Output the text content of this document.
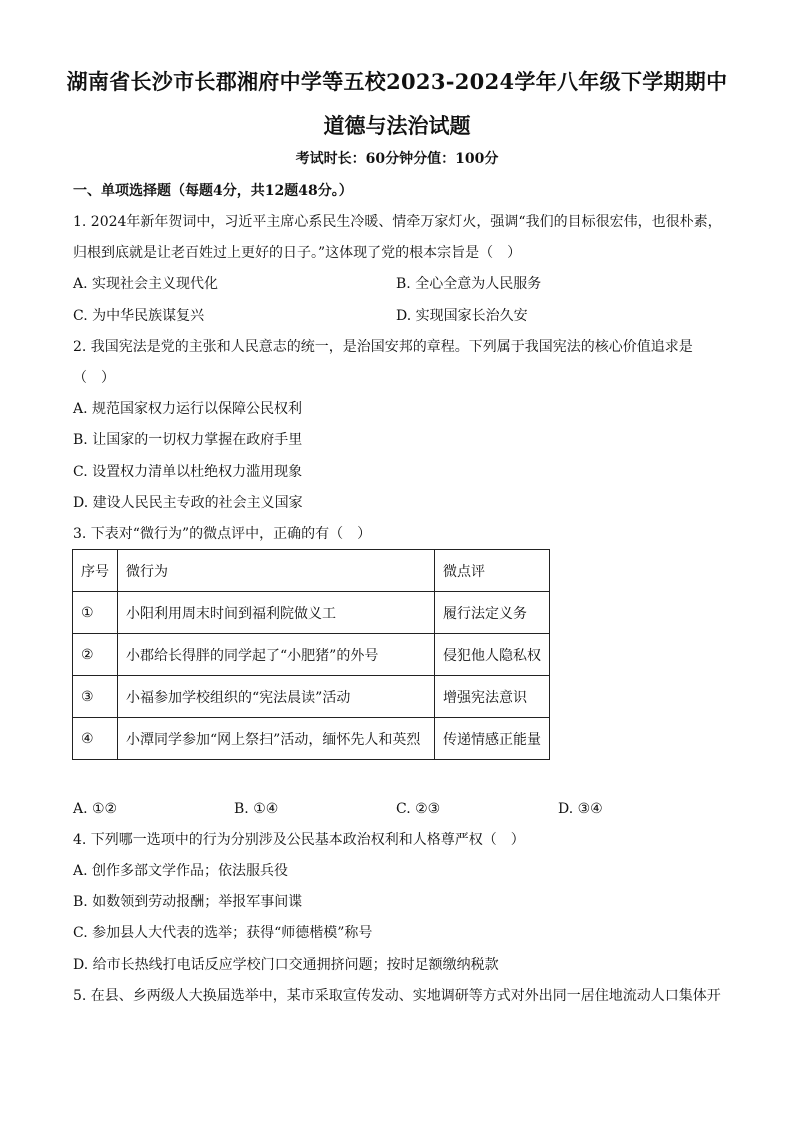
湖南省长沙市长郡湘府中学等五校2023-2024学年八年级下学期期中
道德与法治试题
考试时长：60分钟分值：100分
一、单项选择题（每题4分，共12题48分。）
1. 2024年新年贺词中，习近平主席心系民生冷暖、情牵万家灯火，强调“我们的目标很宏伟，也很朴素，
归根到底就是让老百姓过上更好的日子。”这体现了党的根本宗旨是（　）
A. 实现社会主义现代化	B. 全心全意为人民服务
C. 为中华民族谋复兴	D. 实现国家长治久安
2. 我国宪法是党的主张和人民意志的统一，是治国安邦的章程。下列属于我国宪法的核心价值追求是
（　）
A. 规范国家权力运行以保障公民权利
B. 让国家的一切权力掌握在政府手里
C. 设置权力清单以杜绝权力滥用现象
D. 建设人民民主专政的社会主义国家
3. 下表对“微行为”的微点评中，正确的有（　）
序号	微行为	微点评
①	小阳利用周末时间到福利院做义工	履行法定义务
②	小郡给长得胖的同学起了“小肥猪”的外号	侵犯他人隐私权
③	小福参加学校组织的“宪法晨读”活动	增强宪法意识
④	小潭同学参加“网上祭扫”活动，缅怀先人和英烈	传递情感正能量
A. ①②	B. ①④	C. ②③	D. ③④
4. 下列哪一选项中的行为分别涉及公民基本政治权利和人格尊严权（　）
A. 创作多部文学作品；依法服兵役
B. 如数领到劳动报酬；举报军事间谍
C. 参加县人大代表的选举；获得“师德楷模”称号
D. 给市长热线打电话反应学校门口交通拥挤问题；按时足额缴纳税款
5. 在县、乡两级人大换届选举中，某市采取宣传发动、实地调研等方式对外出同一居住地流动人口集体开
